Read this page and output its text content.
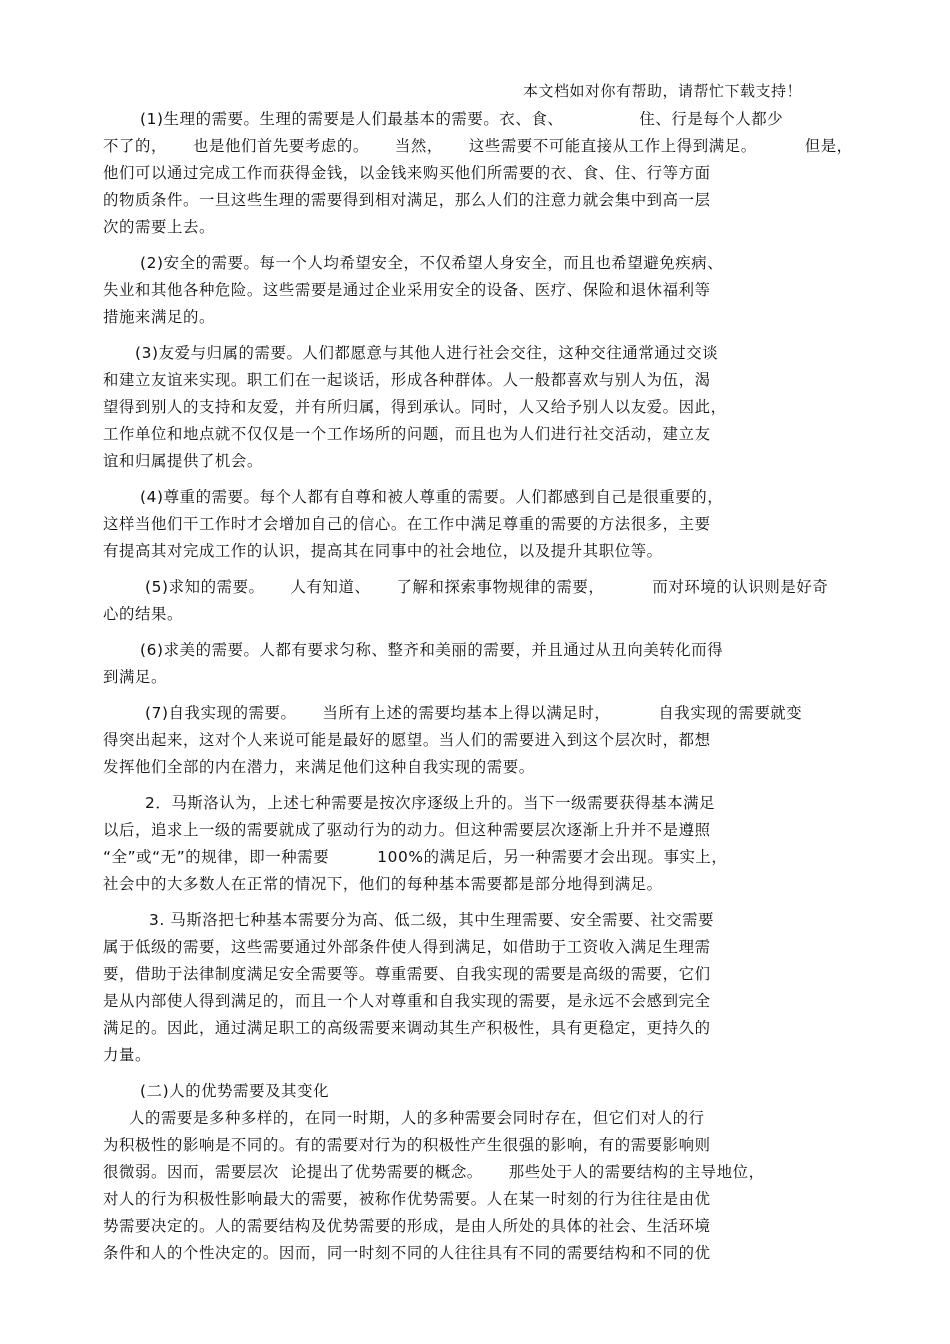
本文档如对你有帮助，请帮忙下载支持！

(1)生理的需要。生理的需要是人们最基本的需要。衣、食、	住、行是每个人都少
不了的， 也是他们首先要考虑的。 当然， 这些需要不可能直接从工作上得到满足。	但是，
他们可以通过完成工作而获得金钱，以金钱来购买他们所需要的衣、食、住、行等方面
的物质条件。一旦这些生理的需要得到相对满足，那么人们的注意力就会集中到高一层
次的需要上去。

(2)安全的需要。每一个人均希望安全，不仅希望人身安全，而且也希望避免疾病、
失业和其他各种危险。这些需要是通过企业采用安全的设备、医疗、保险和退休福利等
措施来满足的。

(3)友爱与归属的需要。人们都愿意与其他人进行社会交往，这种交往通常通过交谈
和建立友谊来实现。职工们在一起谈话，形成各种群体。人一般都喜欢与别人为伍，渴
望得到别人的支持和友爱，并有所归属，得到承认。同时，人又给予别人以友爱。因此，
工作单位和地点就不仅仅是一个工作场所的问题，而且也为人们进行社交活动，建立友
谊和归属提供了机会。

(4)尊重的需要。每个人都有自尊和被人尊重的需要。人们都感到自己是很重要的，
这样当他们干工作时才会增加自己的信心。在工作中满足尊重的需要的方法很多，主要
有提高其对完成工作的认识，提高其在同事中的社会地位，以及提升其职位等。

(5)求知的需要。 人有知道、 了解和探索事物规律的需要，	而对环境的认识则是好奇
心的结果。

(6)求美的需要。人都有要求匀称、整齐和美丽的需要，并且通过从丑向美转化而得
到满足。

(7)自我实现的需要。 当所有上述的需要均基本上得以满足时，	自我实现的需要就变
得突出起来，这对个人来说可能是最好的愿望。当人们的需要进入到这个层次时，都想
发挥他们全部的内在潜力，来满足他们这种自我实现的需要。

2．马斯洛认为，上述七种需要是按次序逐级上升的。当下一级需要获得基本满足
以后，追求上一级的需要就成了驱动行为的动力。但这种需要层次逐渐上升并不是遵照
“全”或“无”的规律，即一种需要	100%的满足后，另一种需要才会出现。事实上，
社会中的大多数人在正常的情况下，他们的每种基本需要都是部分地得到满足。

3. 马斯洛把七种基本需要分为高、低二级，其中生理需要、安全需要、社交需要
属于低级的需要，这些需要通过外部条件使人得到满足，如借助于工资收入满足生理需
要，借助于法律制度满足安全需要等。尊重需要、自我实现的需要是高级的需要，它们
是从内部使人得到满足的，而且一个人对尊重和自我实现的需要，是永远不会感到完全
满足的。因此，通过满足职工的高级需要来调动其生产积极性，具有更稳定，更持久的
力量。

(二)人的优势需要及其变化
人的需要是多种多样的，在同一时期，人的多种需要会同时存在，但它们对人的行
为积极性的影响是不同的。有的需要对行为的积极性产生很强的影响，有的需要影响则
很微弱。因而，需要层次 论提出了优势需要的概念。 那些处于人的需要结构的主导地位，
对人的行为积极性影响最大的需要，被称作优势需要。人在某一时刻的行为往往是由优
势需要决定的。人的需要结构及优势需要的形成，是由人所处的具体的社会、生活环境
条件和人的个性决定的。因而，同一时刻不同的人往往具有不同的需要结构和不同的优
